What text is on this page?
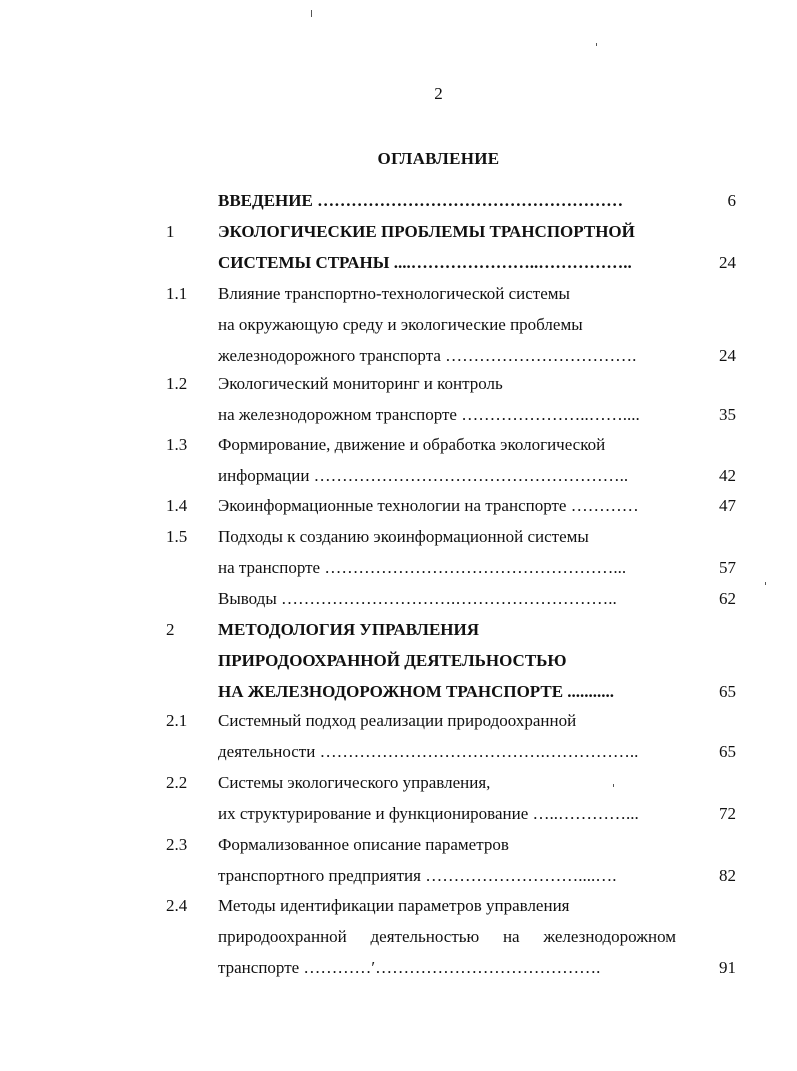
2
ОГЛАВЛЕНИЕ
ВВЕДЕНИЕ ………………………………………………	6
1	ЭКОЛОГИЧЕСКИЕ ПРОБЛЕМЫ ТРАНСПОРТНОЙ
СИСТЕМЫ СТРАНЫ ....…………………..……………..	24
1.1 Влияние транспортно-технологической системы
на окружающую среду и экологические проблемы
железнодорожного транспорта …………………………….	24
1.2 Экологический мониторинг и контроль
на железнодорожном транспорте …………………..……....	35
1.3 Формирование, движение и обработка экологической
информации ………………………………………………..	42
1.4 Экоинформационные технологии на транспорте …………	47
1.5 Подходы к созданию экоинформационной системы
на транспорте ……………………………………………...	57
Выводы ………………………….………………………..	62
2	МЕТОДОЛОГИЯ УПРАВЛЕНИЯ
ПРИРОДООХРАННОЙ ДЕЯТЕЛЬНОСТЬЮ
НА ЖЕЛЕЗНОДОРОЖНОМ ТРАНСПОРТЕ ...........	65
2.1 Системный подход реализации природоохранной
деятельности ………………………………….……………..	65
2.2 Системы экологического управления,
их структурирование и функционирование …..…………...	72
2.3 Формализованное описание параметров
транспортного предприятия ………………………....….	82
2.4 Методы идентификации параметров управления
природоохранной деятельностью на железнодорожном
транспорте …………′………………………………….	91
